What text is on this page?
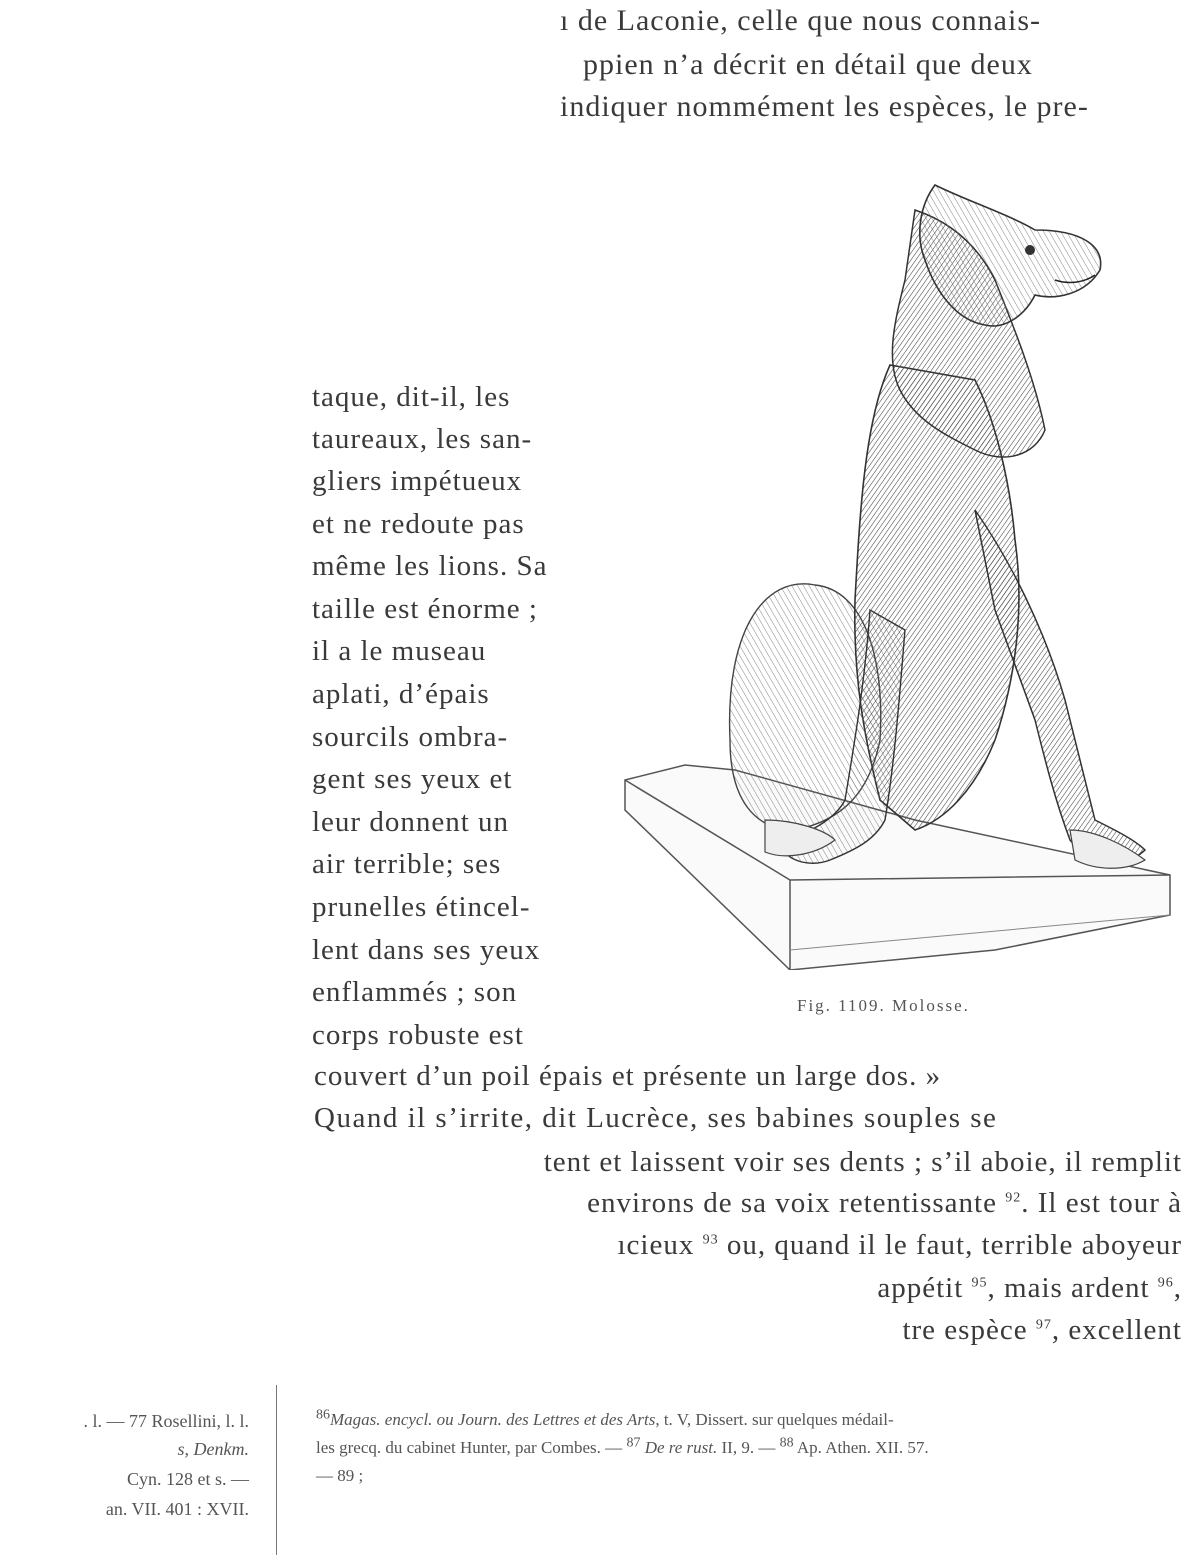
ı de Laconie, celle que nous connais-
ppien n’a décrit en détail que deux
indiquer nommément les espèces, le pre-
taque, dit-il, les
taureaux, les san-
gliers impétueux
et ne redoute pas
même les lions. Sa
taille est énorme ;
il a le museau
aplati, d’épais
sourcils ombra-
gent ses yeux et
leur donnent un
air terrible; ses
prunelles étincel-
lent dans ses yeux
enflammés ; son
corps robuste est
Fig. 1109. Molosse.
couvert d’un poil épais et présente un large dos. »
Quand il s’irrite, dit Lucrèce, ses babines souples se
tent et laissent voir ses dents ; s’il aboie, il remplit
environs de sa voix retentissante $^{92}$. Il est tour à
ıcieux $^{93}$ ou, quand il le faut, terrible aboyeur
appétit $^{95}$, mais ardent $^{96}$,
tre espèce $^{97}$, excellent
. l. — 77 Rosellini, l. l.
s, Denkm.
Cyn. 128 et s. —
an. VII. 401 : XVII.
$^{86}$Magas. encycl. ou Journ. des Lettres et des Arts, t. V, Dissert. sur quelques médail-
les grecq. du cabinet Hunter, par Combes. — $^{87}$ De re rust. II, 9. — $^{88}$ Ap. Athen. XII. 57.
— 89 ;
